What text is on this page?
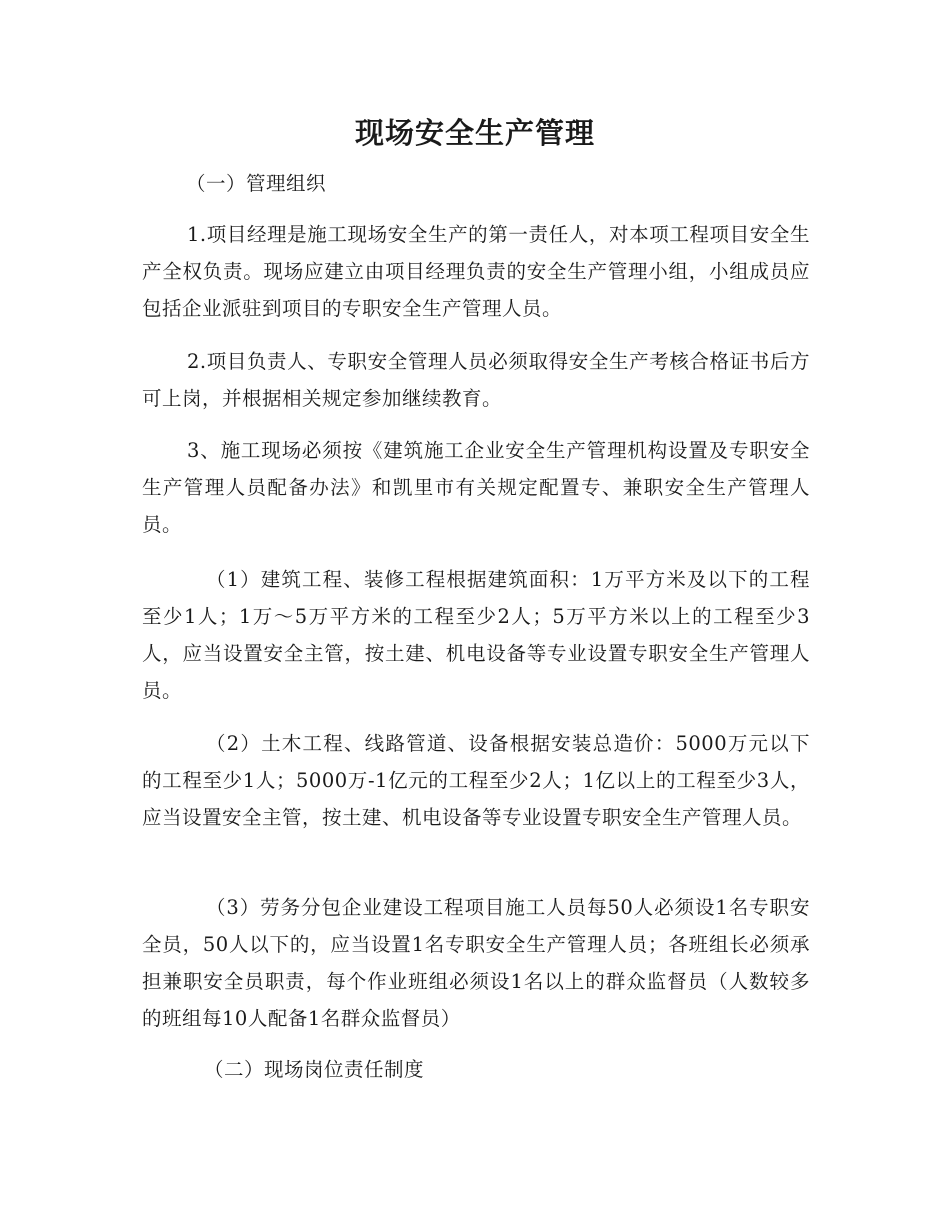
现场安全生产管理

（一）管理组织

1.项目经理是施工现场安全生产的第一责任人，对本项工程项目安全生产全权负责。现场应建立由项目经理负责的安全生产管理小组，小组成员应包括企业派驻到项目的专职安全生产管理人员。

2.项目负责人、专职安全管理人员必须取得安全生产考核合格证书后方可上岗，并根据相关规定参加继续教育。

3、施工现场必须按《建筑施工企业安全生产管理机构设置及专职安全生产管理人员配备办法》和凯里市有关规定配置专、兼职安全生产管理人员。

（1）建筑工程、装修工程根据建筑面积：1万平方米及以下的工程至少1人；1万～5万平方米的工程至少2人；5万平方米以上的工程至少3人，应当设置安全主管，按土建、机电设备等专业设置专职安全生产管理人员。

（2）土木工程、线路管道、设备根据安装总造价：5000万元以下的工程至少1人；5000万-1亿元的工程至少2人；1亿以上的工程至少3人，应当设置安全主管，按土建、机电设备等专业设置专职安全生产管理人员。

（3）劳务分包企业建设工程项目施工人员每50人必须设1名专职安全员，50人以下的，应当设置1名专职安全生产管理人员；各班组长必须承担兼职安全员职责，每个作业班组必须设1名以上的群众监督员（人数较多的班组每10人配备1名群众监督员）

（二）现场岗位责任制度
